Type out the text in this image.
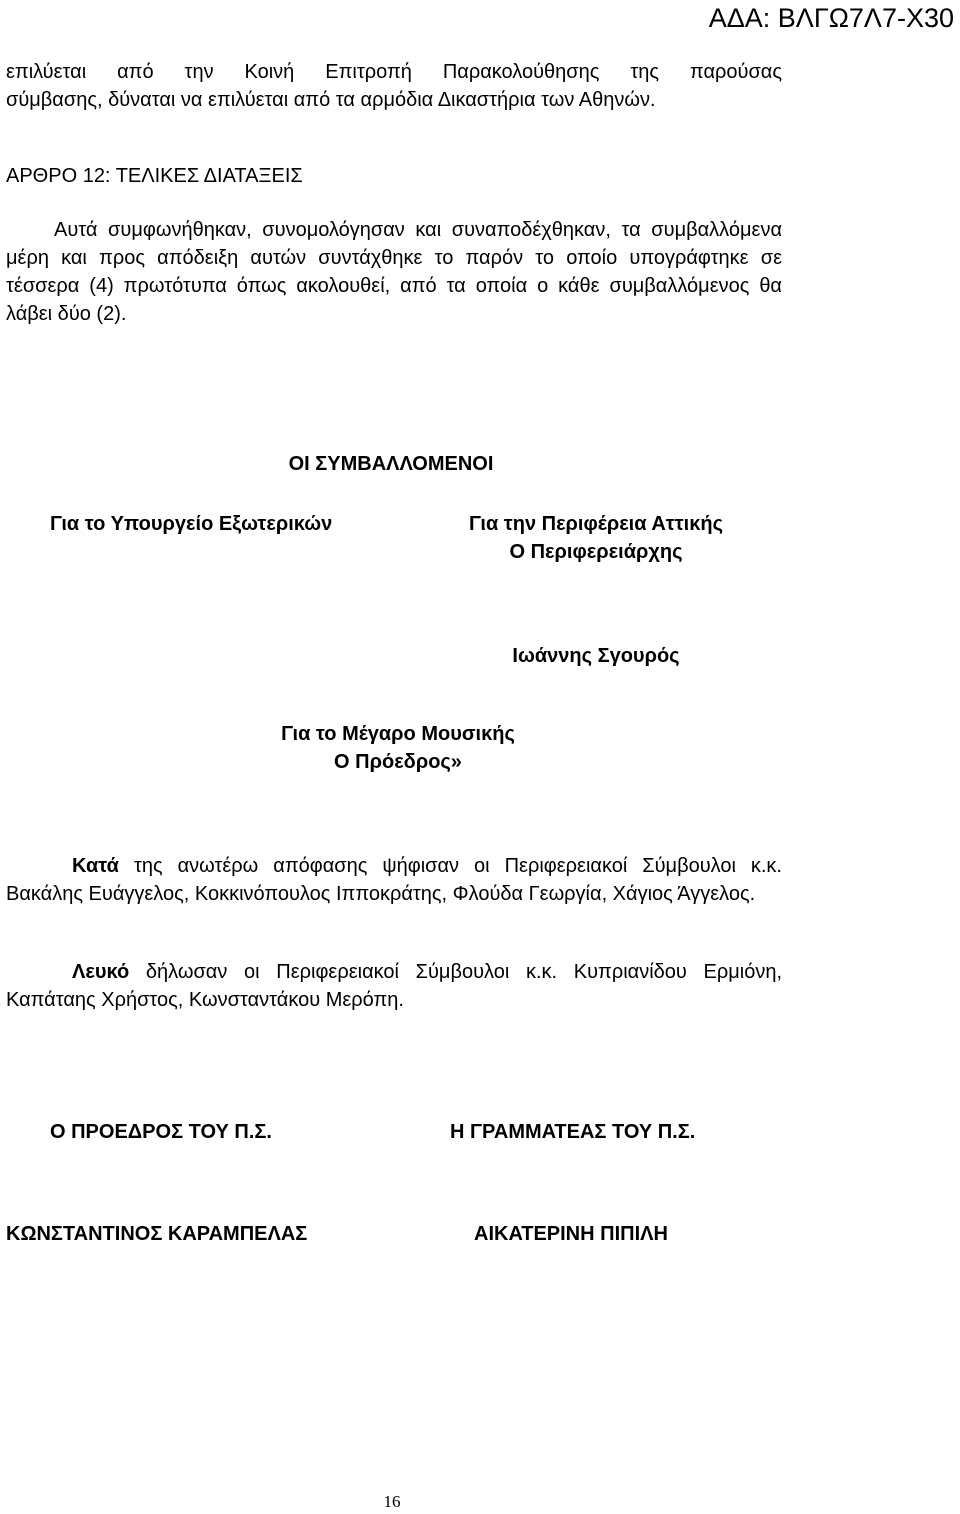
ΑΔΑ: ΒΛΓΩ7Λ7-Χ30
επιλύεται από την Κοινή Επιτροπή Παρακολούθησης της παρούσας
σύμβασης, δύναται να επιλύεται από τα αρμόδια Δικαστήρια των Αθηνών.
ΑΡΘΡΟ 12: ΤΕΛΙΚΕΣ ΔΙΑΤΑΞΕΙΣ

Αυτά συμφωνήθηκαν, συνομολόγησαν και συναποδέχθηκαν, τα συμβαλλόμενα μέρη και προς απόδειξη αυτών συντάχθηκε το παρόν το οποίο υπογράφτηκε σε τέσσερα (4) πρωτότυπα όπως ακολουθεί, από τα οποία ο κάθε συμβαλλόμενος θα λάβει δύο (2).

ΟΙ ΣΥΜΒΑΛΛΟΜΕΝΟΙ
Για το Υπουργείο Εξωτερικών	Για την Περιφέρεια Αττικής
Ο Περιφερειάρχης
Ιωάννης Σγουρός
Για το Μέγαρο Μουσικής
Ο Πρόεδρος»

Κατά της ανωτέρω απόφασης ψήφισαν οι Περιφερειακοί Σύμβουλοι κ.κ. Βακάλης Ευάγγελος, Κοκκινόπουλος Ιπποκράτης, Φλούδα Γεωργία, Χάγιος Άγγελος.

Λευκό δήλωσαν οι Περιφερειακοί Σύμβουλοι κ.κ. Κυπριανίδου Ερμιόνη, Καπάταης Χρήστος, Κωνσταντάκου Μερόπη.

Ο ΠΡΟΕΔΡΟΣ ΤΟΥ Π.Σ.	Η ΓΡΑΜΜΑΤΕΑΣ ΤΟΥ Π.Σ.
ΚΩΝΣΤΑΝΤΙΝΟΣ ΚΑΡΑΜΠΕΛΑΣ	ΑΙΚΑΤΕΡΙΝΗ ΠΙΠΙΛΗ
16
